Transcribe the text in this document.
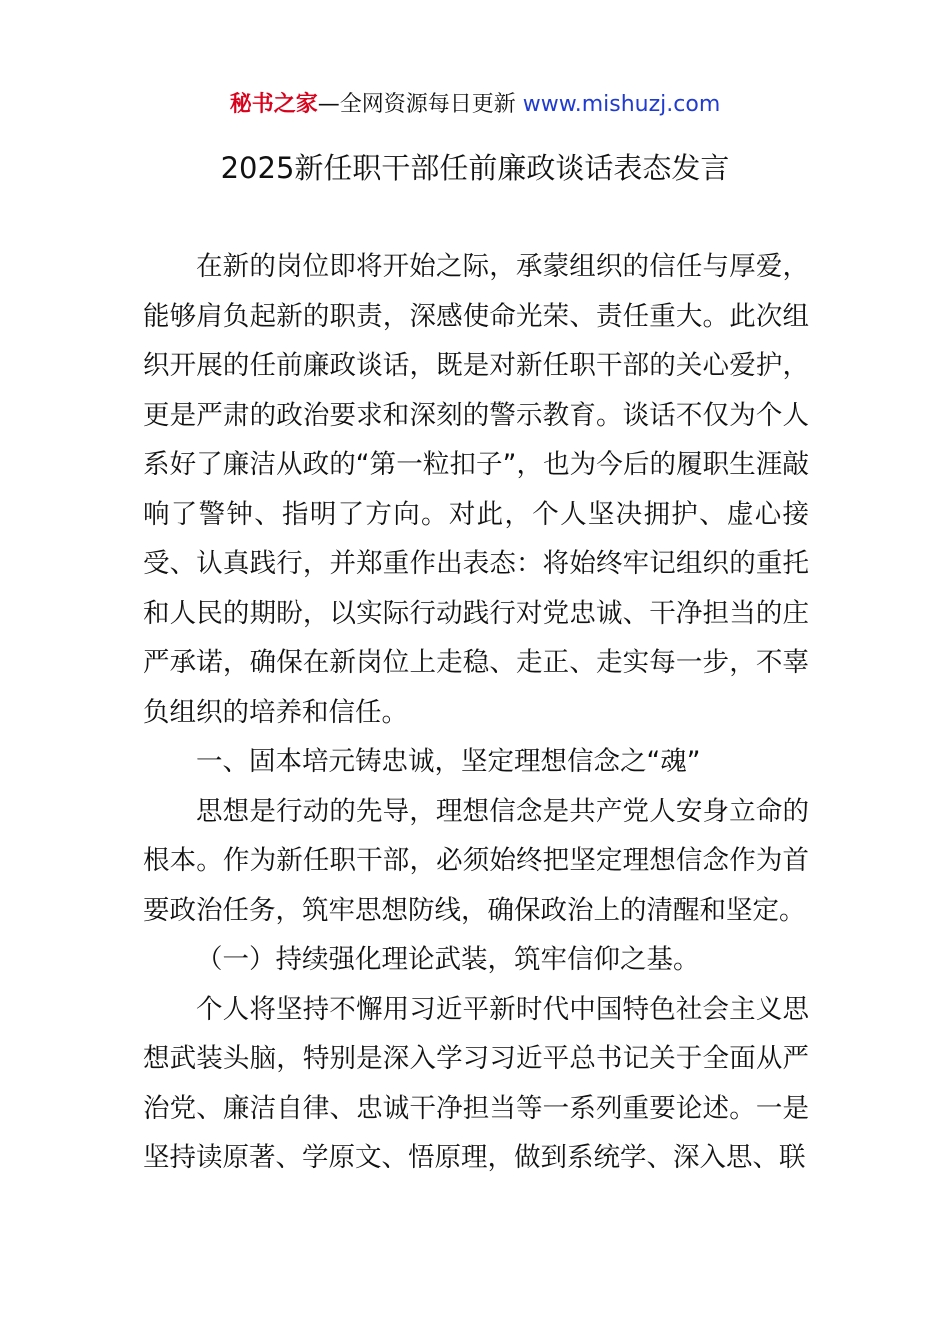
秘书之家—全网资源每日更新 www.mishuzj.com
2025新任职干部任前廉政谈话表态发言

在新的岗位即将开始之际，承蒙组织的信任与厚爱，能够肩负起新的职责，深感使命光荣、责任重大。此次组织开展的任前廉政谈话，既是对新任职干部的关心爱护，更是严肃的政治要求和深刻的警示教育。谈话不仅为个人系好了廉洁从政的“第一粒扣子”，也为今后的履职生涯敲响了警钟、指明了方向。对此，个人坚决拥护、虚心接受、认真践行，并郑重作出表态：将始终牢记组织的重托和人民的期盼，以实际行动践行对党忠诚、干净担当的庄严承诺，确保在新岗位上走稳、走正、走实每一步，不辜负组织的培养和信任。

一、固本培元铸忠诚，坚定理想信念之“魂”

思想是行动的先导，理想信念是共产党人安身立命的根本。作为新任职干部，必须始终把坚定理想信念作为首要政治任务，筑牢思想防线，确保政治上的清醒和坚定。

（一）持续强化理论武装，筑牢信仰之基。

个人将坚持不懈用习近平新时代中国特色社会主义思想武装头脑，特别是深入学习习近平总书记关于全面从严治党、廉洁自律、忠诚干净担当等一系列重要论述。一是坚持读原著、学原文、悟原理，做到系统学、深入思、联
